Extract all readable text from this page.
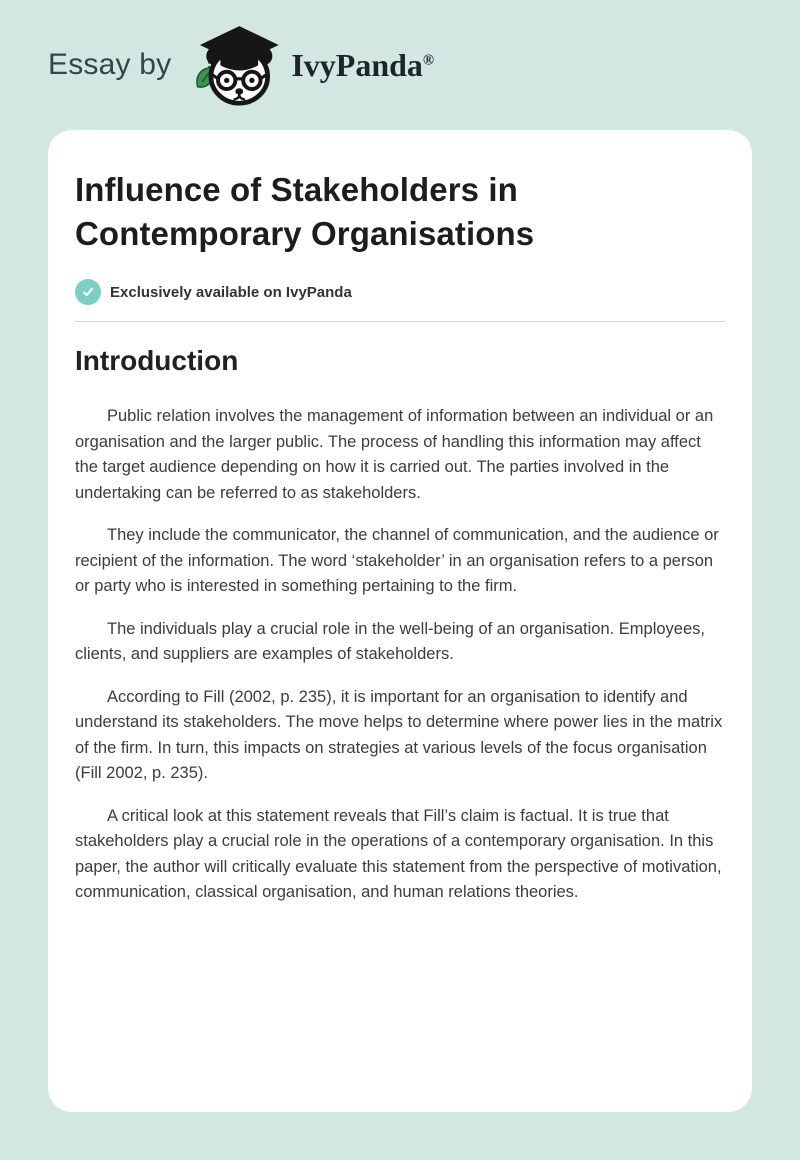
Essay by	IvyPanda®
Influence of Stakeholders in Contemporary Organisations
Exclusively available on IvyPanda
Introduction

Public relation involves the management of information between an individual or an organisation and the larger public. The process of handling this information may affect the target audience depending on how it is carried out. The parties involved in the undertaking can be referred to as stakeholders.

They include the communicator, the channel of communication, and the audience or recipient of the information. The word ‘stakeholder’ in an organisation refers to a person or party who is interested in something pertaining to the firm.

The individuals play a crucial role in the well-being of an organisation. Employees, clients, and suppliers are examples of stakeholders.

According to Fill (2002, p. 235), it is important for an organisation to identify and understand its stakeholders. The move helps to determine where power lies in the matrix of the firm. In turn, this impacts on strategies at various levels of the focus organisation (Fill 2002, p. 235).

A critical look at this statement reveals that Fill’s claim is factual. It is true that stakeholders play a crucial role in the operations of a contemporary organisation. In this paper, the author will critically evaluate this statement from the perspective of motivation, communication, classical organisation, and human relations theories.
